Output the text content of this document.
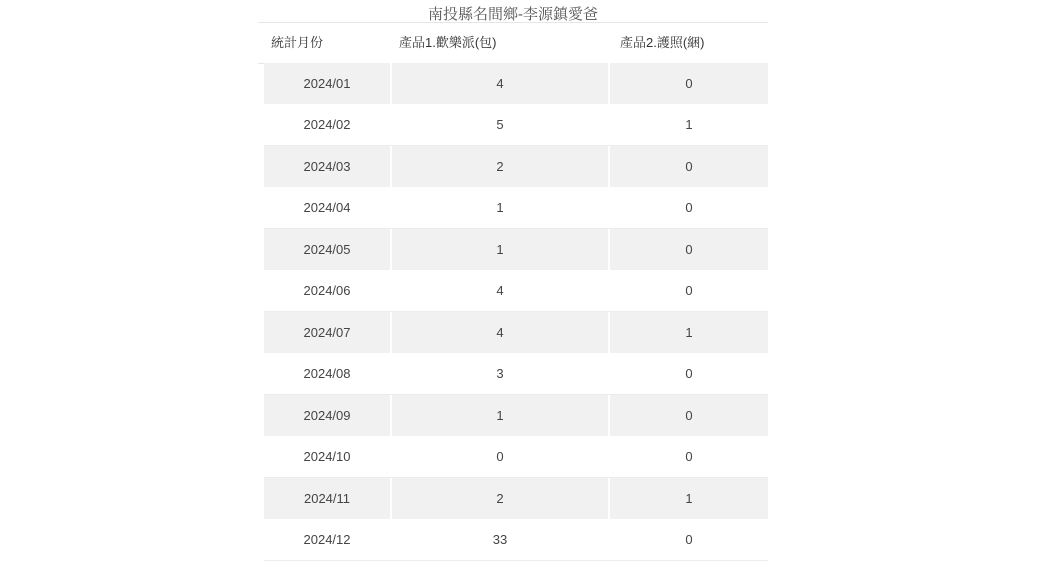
南投縣名間鄉-李源鎮愛爸
統計月份	產品1.歡樂派(包)	產品2.護照(綑)
2024/01	4	0
2024/02	5	1
2024/03	2	0
2024/04	1	0
2024/05	1	0
2024/06	4	0
2024/07	4	1
2024/08	3	0
2024/09	1	0
2024/10	0	0
2024/11	2	1
2024/12	33	0
